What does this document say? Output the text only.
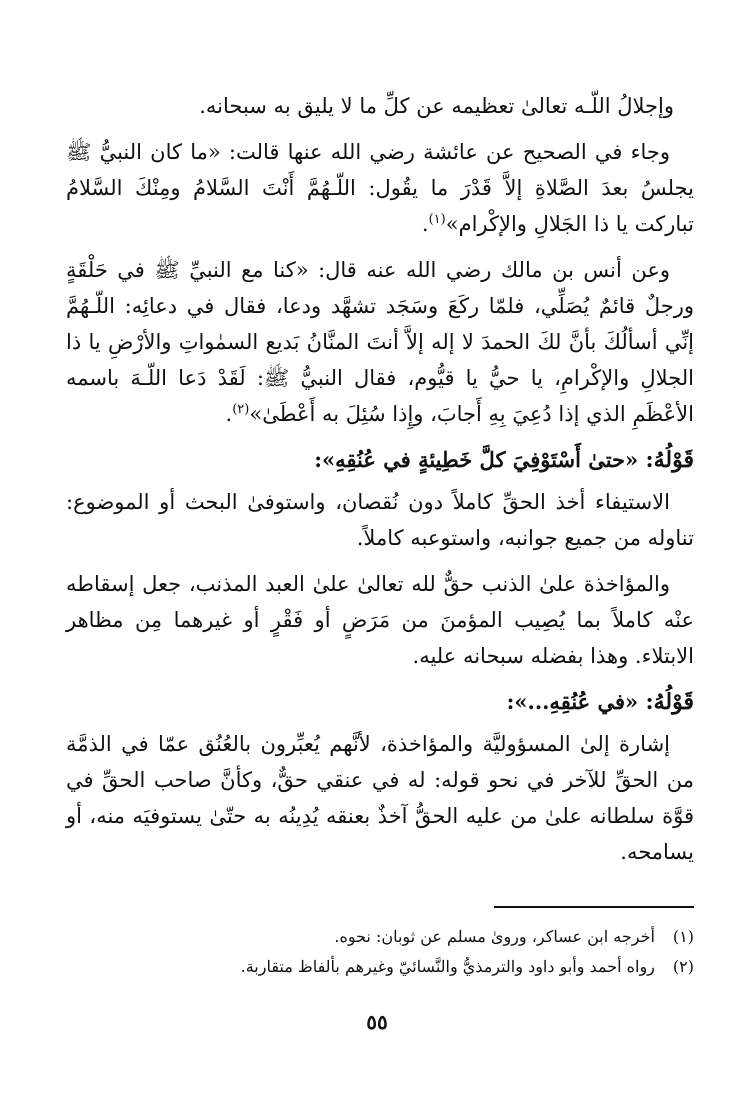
وإجلالُ اللّـه تعالىٰ تعظيمه عن كلِّ ما لا يليق به سبحانه.

وجاء في الصحيح عن عائشة رضي الله عنها قالت: «ما كان النبيُّ ﷺ يجلسُ بعدَ الصَّلاةِ إلاَّ قَدْرَ ما يقُول: اللّـهُمَّ أَنْتَ السَّلامُ ومِنْكَ السَّلامُ تباركت يا ذا الجَلالِ والإكْرام»$^{(١)}$.

وعن أنس بن مالك رضي الله عنه قال: «كنا مع النبيِّ ﷺ في حَلْقَةٍ ورجلٌ قائمٌ يُصَلِّي، فلمّا ركَعَ وسَجَد تشهَّد ودعا، فقال في دعائِه: اللّـهُمَّ إنِّي أسألُكَ بأنَّ لكَ الحمدَ لا إله إلاَّ أنتَ المنَّانُ بَديع السمٰواتِ والأرْضِ يا ذا الجلالِ والإكْرامِ، يا حيُّ يا قيُّوم، فقال النبيُّ ﷺ: لَقَدْ دَعا اللّـهَ باسمه الأعْظَمِ الذي إذا دُعِيَ بِهِ أَجابَ، وإِذا سُئِلَ به أَعْطَىٰ»$^{(٢)}$.

قَوْلُهُ: «حتىٰ أَسْتَوْفِيَ كلَّ خَطِيئةٍ في عُنُقِهِ»:

الاستيفاء أخذ الحقِّ كاملاً دون نُقصان، واستوفىٰ البحث أو الموضوع: تناوله من جميع جوانبه، واستوعبه كاملاً.

والمؤاخذة علىٰ الذنب حقٌّ لله تعالىٰ علىٰ العبد المذنب، جعل إسقاطه عنْه كاملاً بما يُصِيب المؤمنَ من مَرَضٍ أو فَقْرٍ أو غيرهما مِن مظاهر الابتلاء. وهذا بفضله سبحانه عليه.

قَوْلُهُ: «في عُنُقِهِ...»:

إشارة إلىٰ المسؤوليَّة والمؤاخذة، لأنَّهم يُعبِّرون بالعُنُق عمّا في الذمَّة من الحقِّ للآخر في نحو قوله: له في عنقي حقٌّ، وكأنَّ صاحب الحقِّ في قوَّة سلطانه علىٰ من عليه الحقُّ آخذٌ بعنقه يُدِينُه به حتّىٰ يستوفيَه منه، أو يسامحه.

(١) أخرجه ابن عساكر، وروىٰ مسلم عن ثوبان: نحوه.

(٢) رواه أحمد وأبو داود والترمذيُّ والنَّسائيّ وغيرهم بألفاظ متقاربة.

٥٥
